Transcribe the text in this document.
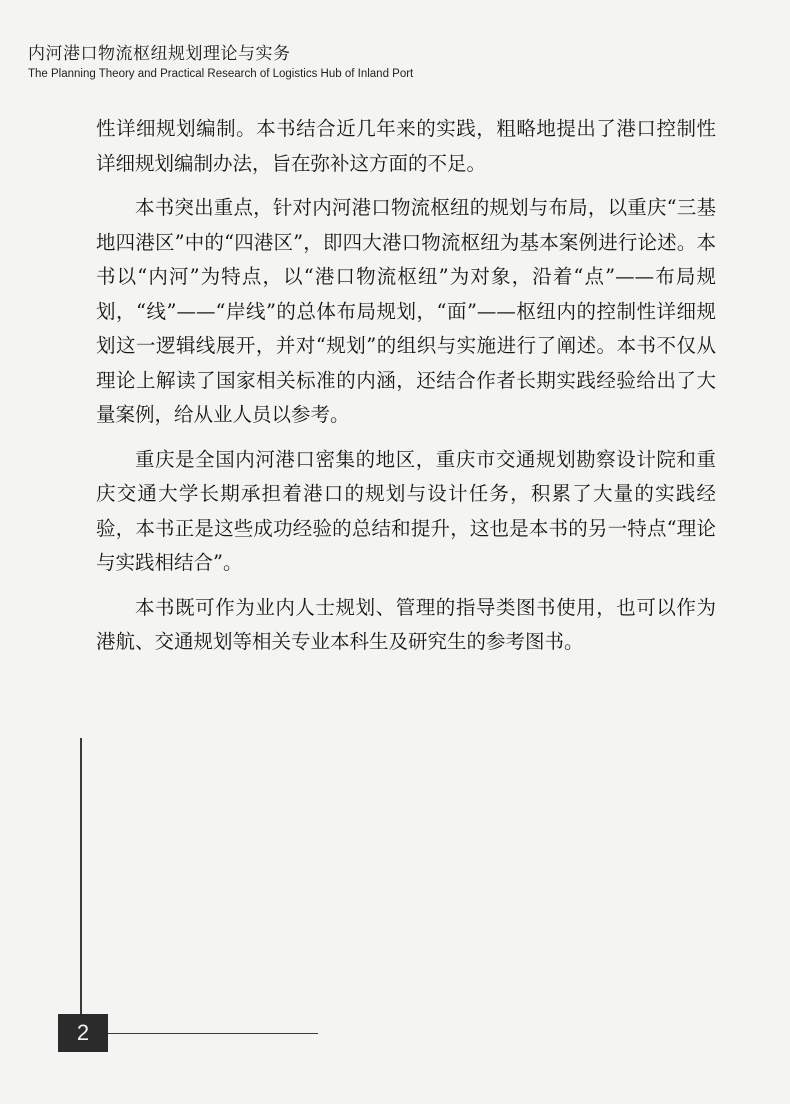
内河港口物流枢纽规划理论与实务
The Planning Theory and Practical Research of Logistics Hub of Inland Port

性详细规划编制。本书结合近几年来的实践，粗略地提出了港口控制性详细规划编制办法，旨在弥补这方面的不足。

本书突出重点，针对内河港口物流枢纽的规划与布局，以重庆“三基地四港区”中的“四港区”，即四大港口物流枢纽为基本案例进行论述。本书以“内河”为特点，以“港口物流枢纽”为对象，沿着“点”——布局规划，“线”——“岸线”的总体布局规划，“面”——枢纽内的控制性详细规划这一逻辑线展开，并对“规划”的组织与实施进行了阐述。本书不仅从理论上解读了国家相关标准的内涵，还结合作者长期实践经验给出了大量案例，给从业人员以参考。

重庆是全国内河港口密集的地区，重庆市交通规划勘察设计院和重庆交通大学长期承担着港口的规划与设计任务，积累了大量的实践经验，本书正是这些成功经验的总结和提升，这也是本书的另一特点“理论与实践相结合”。

本书既可作为业内人士规划、管理的指导类图书使用，也可以作为港航、交通规划等相关专业本科生及研究生的参考图书。

2
